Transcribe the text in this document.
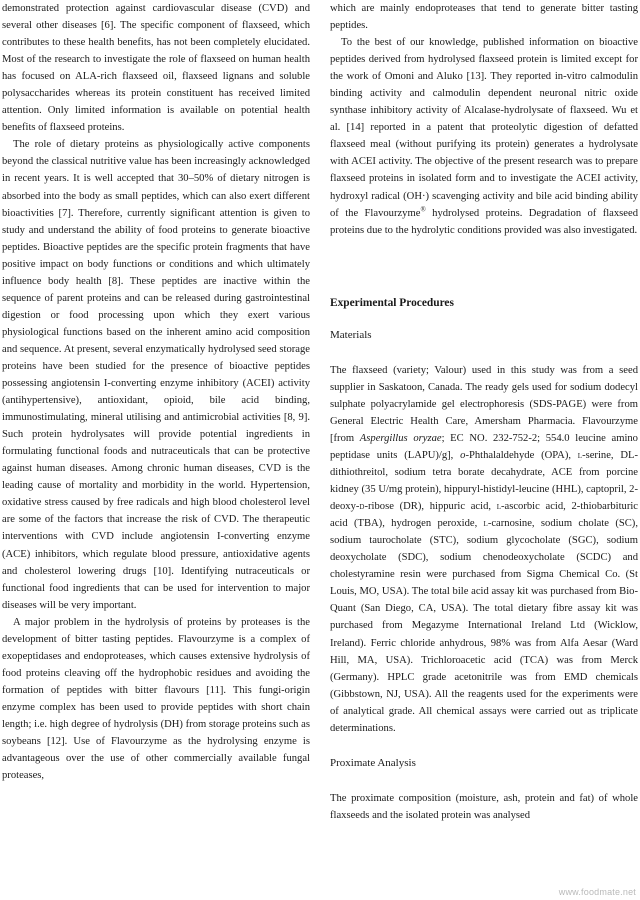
demonstrated protection against cardiovascular disease (CVD) and several other diseases [6]. The specific component of flaxseed, which contributes to these health benefits, has not been completely elucidated. Most of the research to investigate the role of flaxseed on human health has focused on ALA-rich flaxseed oil, flaxseed lignans and soluble polysaccharides whereas its protein constituent has received limited attention. Only limited information is available on potential health benefits of flaxseed proteins.

The role of dietary proteins as physiologically active components beyond the classical nutritive value has been increasingly acknowledged in recent years. It is well accepted that 30–50% of dietary nitrogen is absorbed into the body as small peptides, which can also exert different bioactivities [7]. Therefore, currently significant attention is given to study and understand the ability of food proteins to generate bioactive peptides. Bioactive peptides are the specific protein fragments that have positive impact on body functions or conditions and which ultimately influence body health [8]. These peptides are inactive within the sequence of parent proteins and can be released during gastrointestinal digestion or food processing upon which they exert various physiological functions based on the inherent amino acid composition and sequence. At present, several enzymatically hydrolysed seed storage proteins have been studied for the presence of bioactive peptides possessing angiotensin I-converting enzyme inhibitory (ACEI) activity (antihypertensive), antioxidant, opioid, bile acid binding, immunostimulating, mineral utilising and antimicrobial activities [8, 9]. Such protein hydrolysates will provide potential ingredients in formulating functional foods and nutraceuticals that can be protective against human diseases. Among chronic human diseases, CVD is the leading cause of mortality and morbidity in the world. Hypertension, oxidative stress caused by free radicals and high blood cholesterol level are some of the factors that increase the risk of CVD. The therapeutic interventions with CVD include angiotensin I-converting enzyme (ACE) inhibitors, which regulate blood pressure, antioxidative agents and cholesterol lowering drugs [10]. Identifying nutraceuticals or functional food ingredients that can be used for intervention to major diseases will be very important.

A major problem in the hydrolysis of proteins by proteases is the development of bitter tasting peptides. Flavourzyme is a complex of exopeptidases and endoproteases, which causes extensive hydrolysis of food proteins cleaving off the hydrophobic residues and avoiding the formation of peptides with bitter flavours [11]. This fungi-origin enzyme complex has been used to provide peptides with short chain length; i.e. high degree of hydrolysis (DH) from storage proteins such as soybeans [12]. Use of Flavourzyme as the hydrolysing enzyme is advantageous over the use of other commercially available fungal proteases,

which are mainly endoproteases that tend to generate bitter tasting peptides.

To the best of our knowledge, published information on bioactive peptides derived from hydrolysed flaxseed protein is limited except for the work of Omoni and Aluko [13]. They reported in-vitro calmodulin binding activity and calmodulin dependent neuronal nitric oxide synthase inhibitory activity of Alcalase-hydrolysate of flaxseed. Wu et al. [14] reported in a patent that proteolytic digestion of defatted flaxseed meal (without purifying its protein) generates a hydrolysate with ACEI activity. The objective of the present research was to prepare flaxseed proteins in isolated form and to investigate the ACEI activity, hydroxyl radical (OH·) scavenging activity and bile acid binding ability of the Flavourzyme® hydrolysed proteins. Degradation of flaxseed proteins due to the hydrolytic conditions provided was also investigated.

Experimental Procedures

Materials

The flaxseed (variety; Valour) used in this study was from a seed supplier in Saskatoon, Canada. The ready gels used for sodium dodecyl sulphate polyacrylamide gel electrophoresis (SDS-PAGE) were from General Electric Health Care, Amersham Pharmacia. Flavourzyme [from Aspergillus oryzae; EC NO. 232-752-2; 554.0 leucine amino peptidase units (LAPU)/g], o-Phthalaldehyde (OPA), l-serine, DL-dithiothreitol, sodium tetra borate decahydrate, ACE from porcine kidney (35 U/mg protein), hippuryl-histidyl-leucine (HHL), captopril, 2-deoxy-d-ribose (DR), hippuric acid, l-ascorbic acid, 2-thiobarbituric acid (TBA), hydrogen peroxide, l-carnosine, sodium cholate (SC), sodium taurocholate (STC), sodium glycocholate (SGC), sodium deoxycholate (SDC), sodium chenodeoxycholate (SCDC) and cholestyramine resin were purchased from Sigma Chemical Co. (St Louis, MO, USA). The total bile acid assay kit was purchased from Bio-Quant (San Diego, CA, USA). The total dietary fibre assay kit was purchased from Megazyme International Ireland Ltd (Wicklow, Ireland). Ferric chloride anhydrous, 98% was from Alfa Aesar (Ward Hill, MA, USA). Trichloroacetic acid (TCA) was from Merck (Germany). HPLC grade acetonitrile was from EMD chemicals (Gibbstown, NJ, USA). All the reagents used for the experiments were of analytical grade. All chemical assays were carried out as triplicate determinations.

Proximate Analysis

The proximate composition (moisture, ash, protein and fat) of whole flaxseeds and the isolated protein was analysed

www.foodmate.net
